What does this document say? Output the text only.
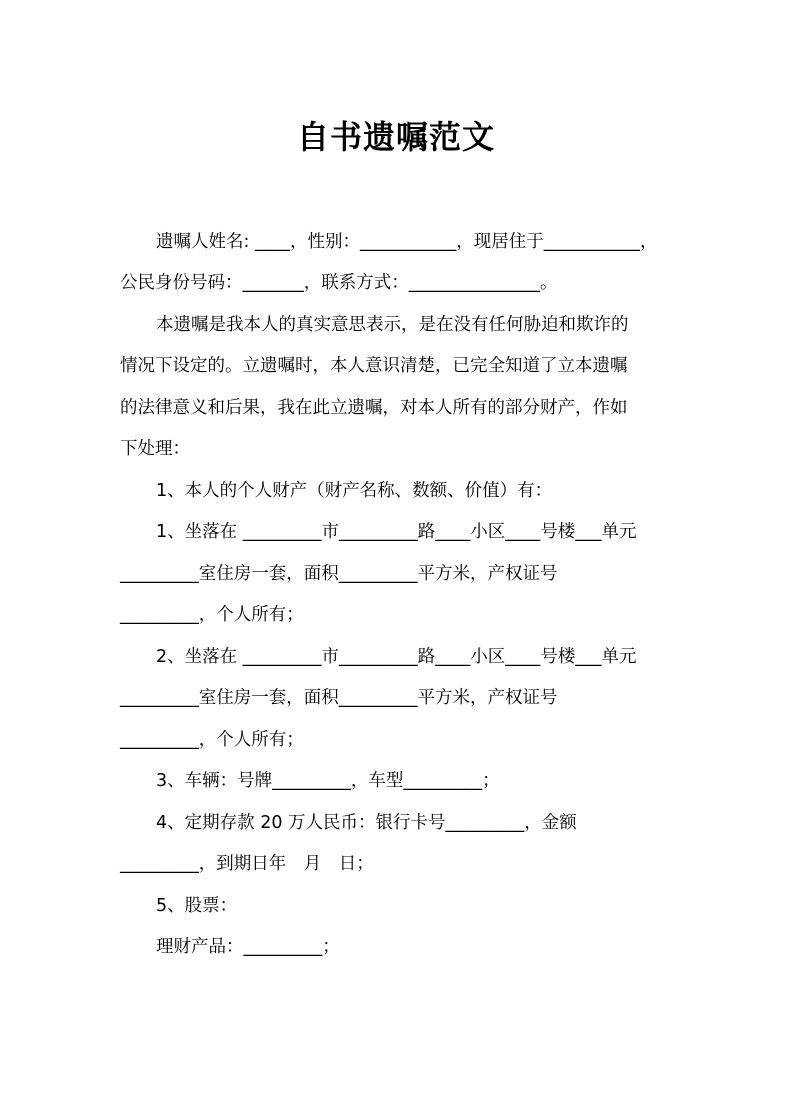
自书遗嘱范文
遗嘱人姓名: ____，性别：___________，现居住于___________，
公民身份号码：_______，联系方式：_______________。
本遗嘱是我本人的真实意思表示，是在没有任何胁迫和欺诈的
情况下设定的。立遗嘱时，本人意识清楚，已完全知道了立本遗嘱
的法律意义和后果，我在此立遗嘱，对本人所有的部分财产，作如
下处理：
1、本人的个人财产（财产名称、数额、价值）有：
1、坐落在 _________市_________路____小区____号楼___单元
_________室住房一套，面积_________平方米，产权证号
_________，个人所有；
2、坐落在 _________市_________路____小区____号楼___单元
_________室住房一套，面积_________平方米，产权证号
_________，个人所有；
3、车辆：号牌_________，车型_________；
4、定期存款 20 万人民币：银行卡号_________，金额
_________，到期日年　月　日；
5、股票：
理财产品：_________；
